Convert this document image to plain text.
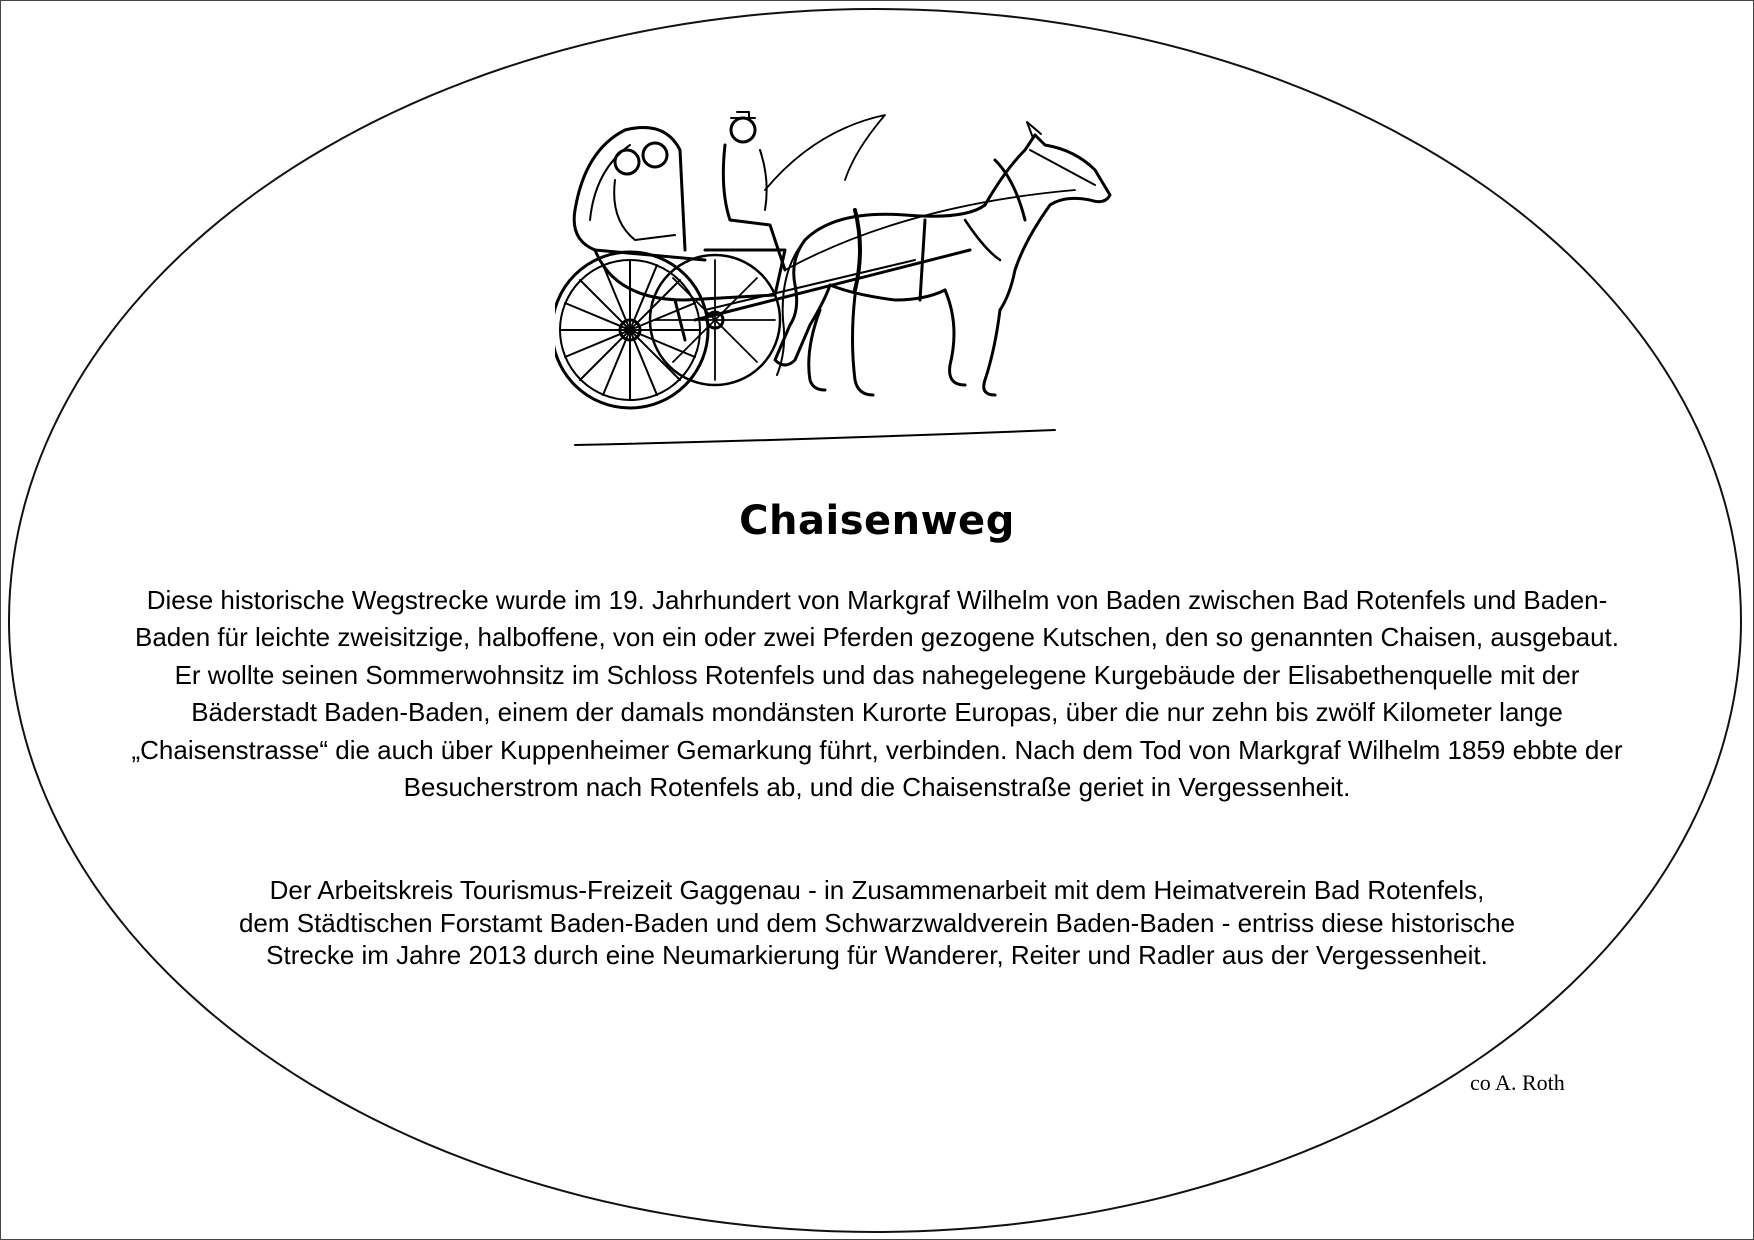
Chaisenweg
Diese historische Wegstrecke wurde im 19. Jahrhundert von Markgraf Wilhelm von Baden zwischen Bad Rotenfels und Baden-Baden für leichte zweisitzige, halboffene, von ein oder zwei Pferden gezogene Kutschen, den so genannten Chaisen, ausgebaut. Er wollte seinen Sommerwohnsitz im Schloss Rotenfels und das nahegelegene Kurgebäude der Elisabethenquelle mit der Bäderstadt Baden-Baden, einem der damals mondänsten Kurorte Europas, über die nur zehn bis zwölf Kilometer lange „Chaisenstrasse“ die auch über Kuppenheimer Gemarkung führt, verbinden. Nach dem Tod von Markgraf Wilhelm 1859 ebbte der Besucherstrom nach Rotenfels ab, und die Chaisenstraße geriet in Vergessenheit.
Der Arbeitskreis Tourismus-Freizeit Gaggenau - in Zusammenarbeit mit dem Heimatverein Bad Rotenfels,
dem Städtischen Forstamt Baden-Baden und dem Schwarzwaldverein Baden-Baden - entriss diese historische
Strecke im Jahre 2013 durch eine Neumarkierung für Wanderer, Reiter und Radler aus der Vergessenheit.
co A. Roth
